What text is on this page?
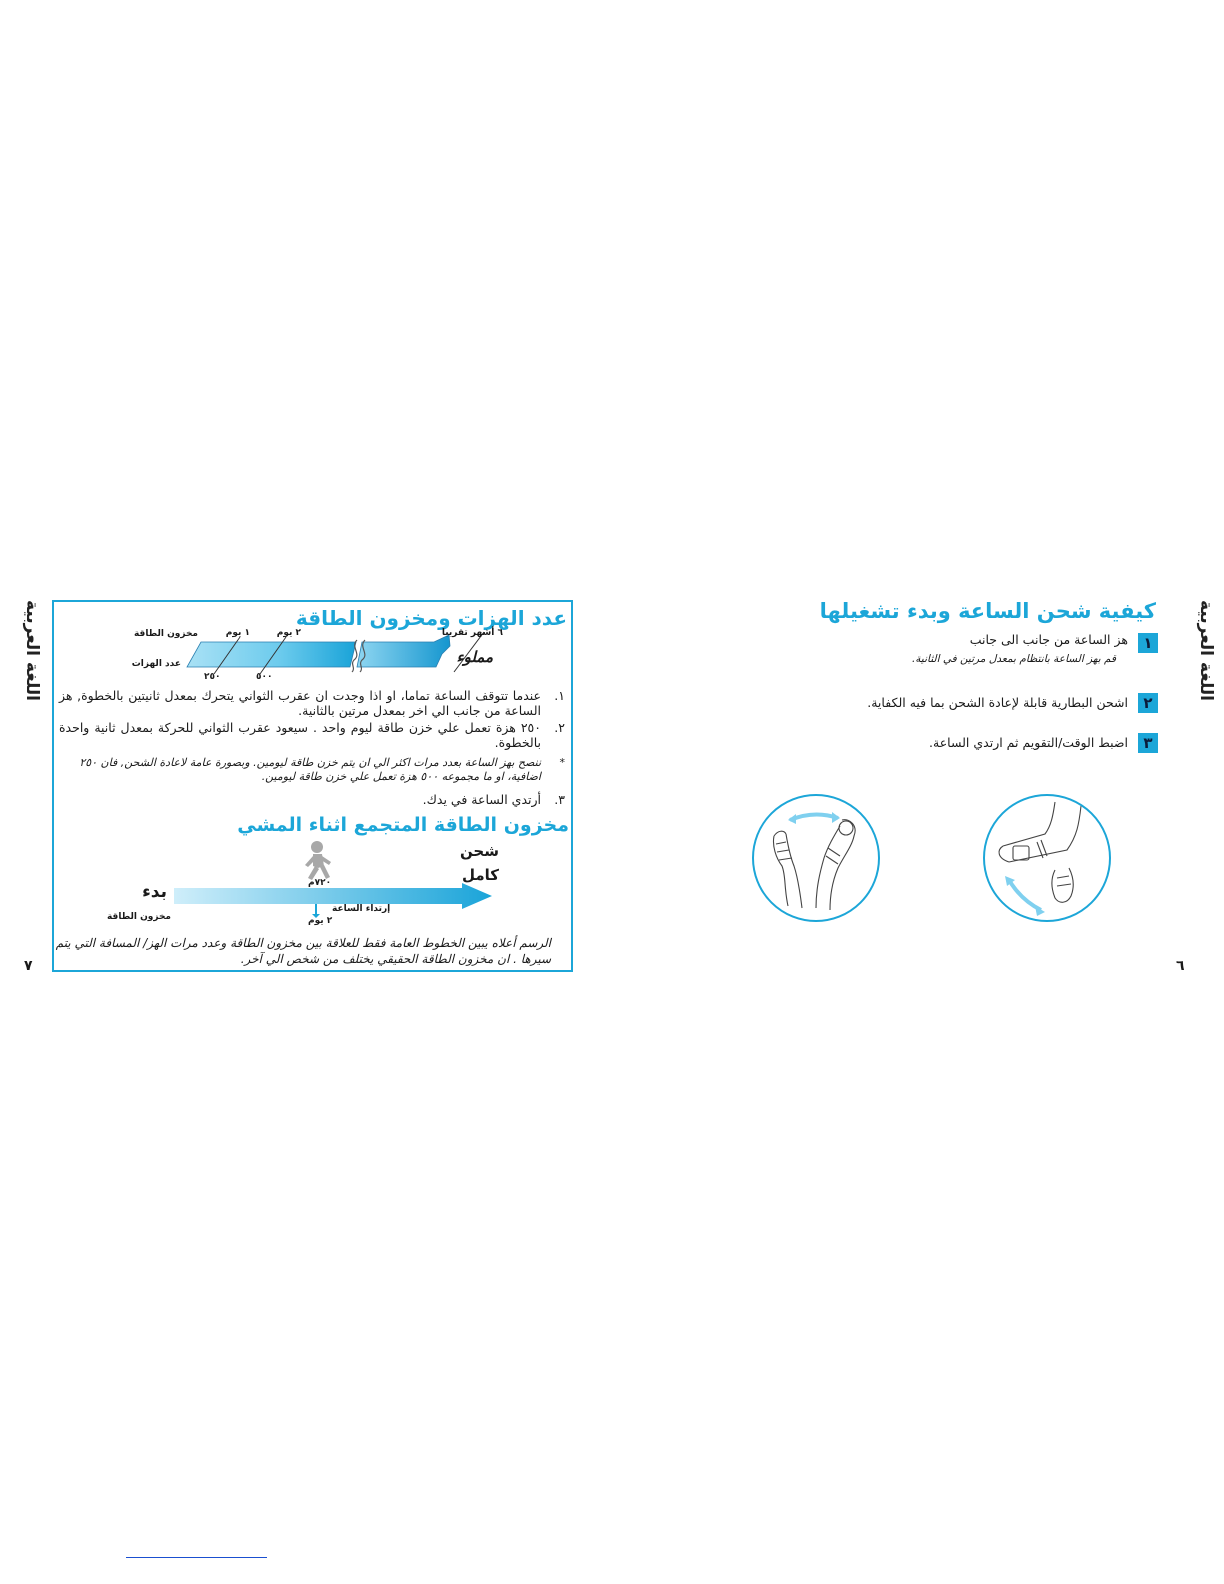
اللغة العربية
٧
عدد الهزات ومخزون الطاقة
مخزون الطاقة
عدد الهزات
١ يوم	٢ يوم	٦ أشهر تقريبا
٢٥٠	٥٠٠
مملوء
١.
عندما تتوقف الساعة تماما، او اذا وجدت ان عقرب الثواني يتحرك بمعدل ثانيتين بالخطوة, هز الساعة من جانب الي اخر بمعدل مرتين بالثانية.
٢.
٢٥٠ هزة تعمل علي خزن طاقة ليوم واحد . سيعود عقرب الثواني للحركة بمعدل ثانية واحدة بالخطوة.
*
ننصح بهز الساعة بعدد مرات اكثر الي ان يتم خزن طاقة ليومين. وبصورة عامة لاعادة الشحن, فان ٢٥٠ اضافية، او ما مجموعه ٥٠٠ هزة تعمل علي خزن طاقة ليومين.
٣.
أرتدي الساعة في يدك.
مخزون الطاقة المتجمع اثناء المشي
٧٢٠م
إرتداء الساعة
٢ يوم
بدء
مخزون الطاقة
شحن
كامل
الرسم أعلاه يبين الخطوط العامة فقط للعلاقة بين مخزون الطاقة وعدد مرات الهز/ المسافة التي يتم سيرها . ان مخزون الطاقة الحقيقي يختلف من شخص الي آخر.
اللغة العربية
٦
كيفية شحن الساعة وبدء تشغيلها
١
هز الساعة من جانب الى جانب
قم بهز الساعة بانتظام بمعدل مرتين في الثانية.
٢
اشحن البطارية قابلة لإعادة الشحن بما فيه الكفاية.
٣
اضبط الوقت/التقويم ثم ارتدي الساعة.
